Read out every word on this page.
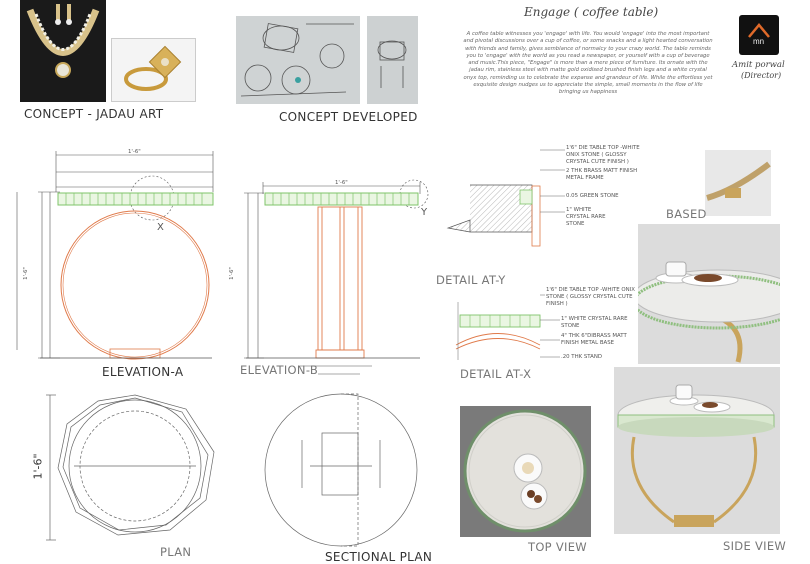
CONCEPT - JADAU ART	CONCEPT DEVELOPED
Engage ( coffee table)
A coffee table witnesses you 'engage' with life. You would 'engage' into the most important and pivotal discussions over a cup of coffee, or some snacks and a light hearted conversation with friends and family, gives semblance of normalcy to your crazy world. The table reminds you to 'engage' with the world as you read a newspaper, or yourself with a cup of beverage and music.This piece, "Engage" is more than a mere piece of furniture. Its ornate with the jadau rim, stainless steel with matte gold oxidised brushed finish legs and a white crystal onyx top, reminding us to celebrate the expanse and grandeur of life. While the effortless yet exquisite design nudges us to appreciate the simple, small moments in the flow of life bringing us happiness
mn
Amit porwal
(Director)
1'-6"
1'-6"
X
ELEVATION-A
1'-6"
1'-6"
Y
ELEVATION-B
1'-6"
PLAN	SECTIONAL PLAN
1'6" DIE TABLE TOP -WHITE ONIX STONE ( GLOSSY CRYSTAL CUTE FINISH )
2 THK BRASS MATT FINISH METAL FRAME
0.05 GREEN STONE
1" WHITE CRYSTAL RARE STONE
DETAIL AT-Y
1'6" DIE TABLE TOP -WHITE ONIX STONE ( GLOSSY CRYSTAL CUTE FINISH )
1" WHITE CRYSTAL RARE STONE
4" THK 6"DIBRASS MATT FINISH METAL BASE
.20 THK STAND
DETAIL AT-X
BASED
TOP VIEW	SIDE VIEW
